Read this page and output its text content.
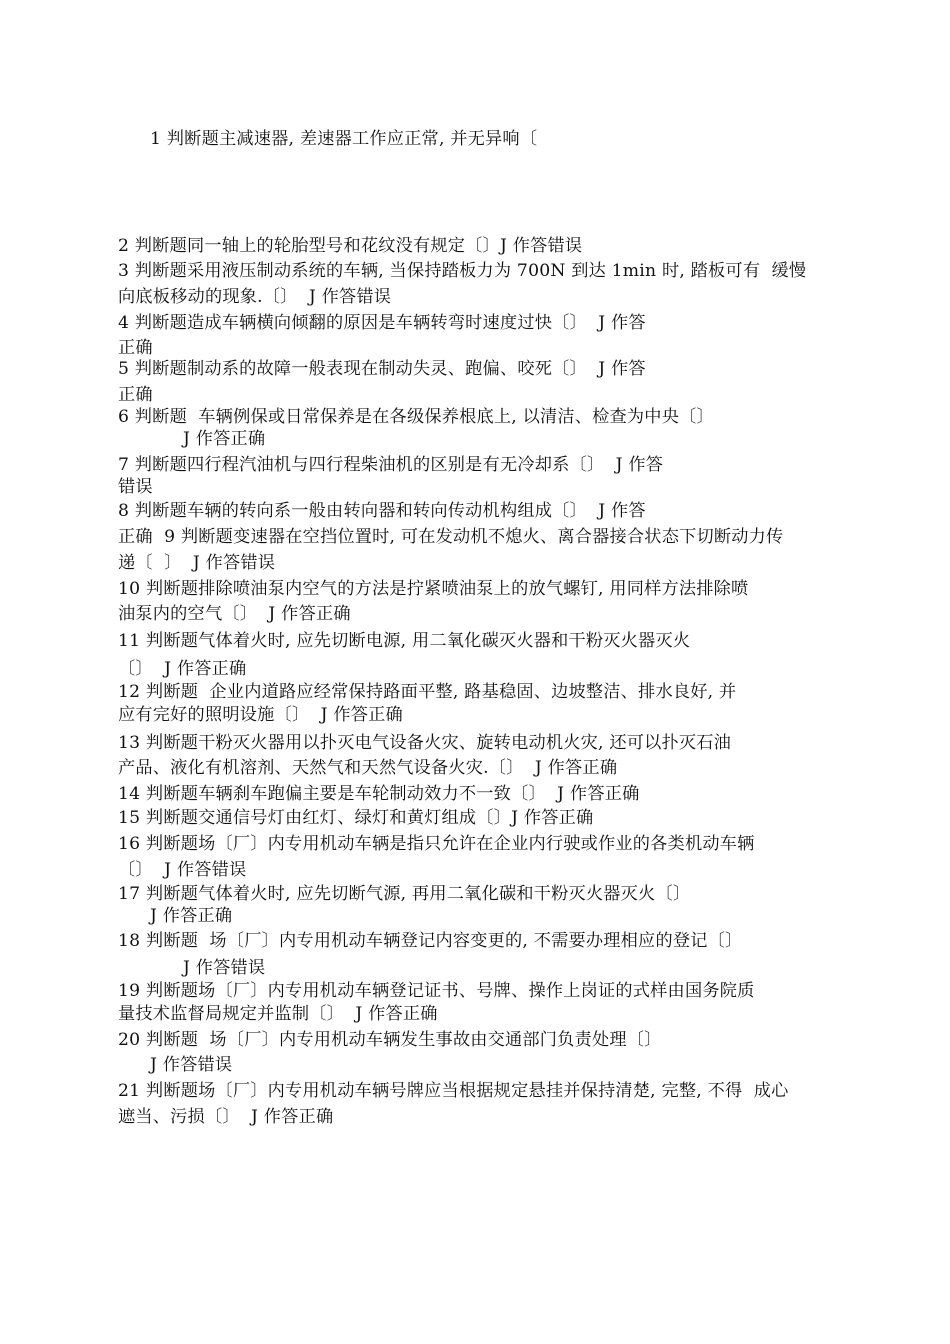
1 判断题主减速器, 差速器工作应正常, 并无异响〔
2 判断题同一轴上的轮胎型号和花纹没有规定〔〕J 作答错误
3 判断题采用液压制动系统的车辆, 当保持踏板力为 700N 到达 1min 时, 踏板可有  缓慢
向底板移动的现象.〔〕  J 作答错误
4 判断题造成车辆横向倾翻的原因是车辆转弯时速度过快〔〕  J 作答
正确
5 判断题制动系的故障一般表现在制动失灵、跑偏、咬死〔〕  J 作答
正确
6 判断题  车辆例保或日常保养是在各级保养根底上, 以清洁、检查为中央〔〕
J 作答正确
7 判断题四行程汽油机与四行程柴油机的区别是有无冷却系〔〕  J 作答
错误
8 判断题车辆的转向系一般由转向器和转向传动机构组成〔〕  J 作答
正确  9 判断题变速器在空挡位置时, 可在发动机不熄火、离合器接合状态下切断动力传
递〔  〕  J 作答错误
10 判断题排除喷油泵内空气的方法是拧紧喷油泵上的放气螺钉, 用同样方法排除喷
油泵内的空气〔〕  J 作答正确
11 判断题气体着火时, 应先切断电源, 用二氧化碳灭火器和干粉灭火器灭火
〔〕  J 作答正确
12 判断题  企业内道路应经常保持路面平整, 路基稳固、边坡整洁、排水良好, 并
应有完好的照明设施〔〕  J 作答正确
13 判断题干粉灭火器用以扑灭电气设备火灾、旋转电动机火灾, 还可以扑灭石油
产品、液化有机溶剂、天然气和天然气设备火灾.〔〕  J 作答正确
14 判断题车辆刹车跑偏主要是车轮制动效力不一致〔〕  J 作答正确
15 判断题交通信号灯由红灯、绿灯和黄灯组成〔〕J 作答正确
16 判断题场〔厂〕内专用机动车辆是指只允许在企业内行驶或作业的各类机动车辆
〔〕  J 作答错误
17 判断题气体着火时, 应先切断气源, 再用二氧化碳和干粉灭火器灭火〔〕
J 作答正确
18 判断题  场〔厂〕内专用机动车辆登记内容变更的, 不需要办理相应的登记〔〕
J 作答错误
19 判断题场〔厂〕内专用机动车辆登记证书、号牌、操作上岗证的式样由国务院质
量技术监督局规定并监制〔〕  J 作答正确
20 判断题  场〔厂〕内专用机动车辆发生事故由交通部门负责处理〔〕
J 作答错误
21 判断题场〔厂〕内专用机动车辆号牌应当根据规定悬挂并保持清楚, 完整, 不得  成心
遮当、污损〔〕  J 作答正确
